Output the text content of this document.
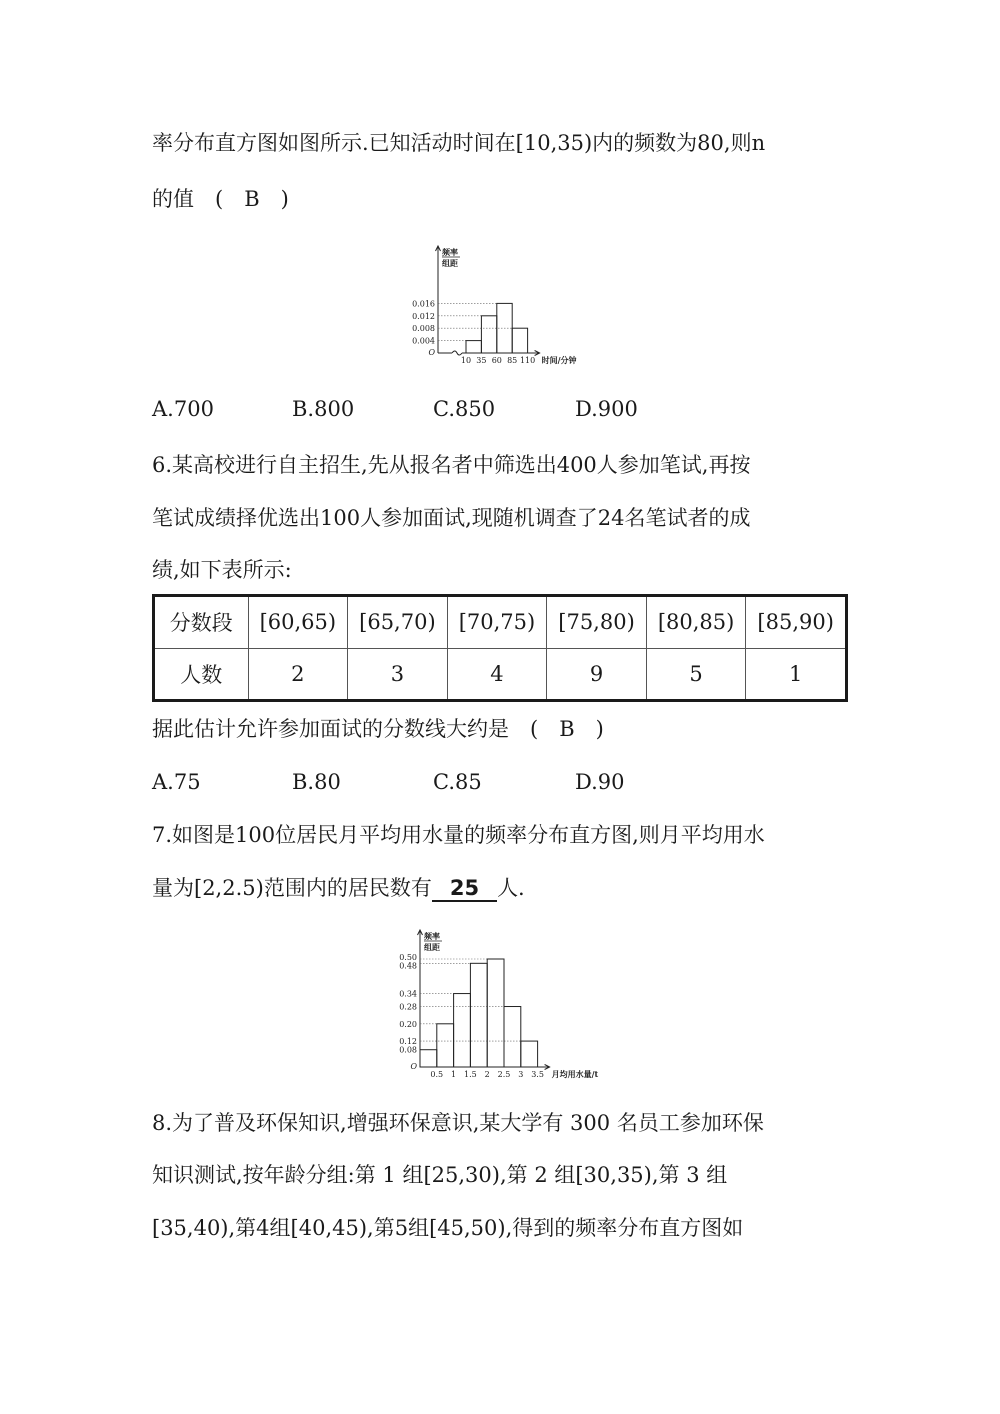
率分布直方图如图所示.已知活动时间在[10,35)内的频数为80,则n
的值　(　B　)
频率
组距
O
0.004
0.008
0.012
0.016
10 35 60 85 110 时间/分钟
A.700	B.800	C.850	D.900
6.某高校进行自主招生,先从报名者中筛选出400人参加笔试,再按
笔试成绩择优选出100人参加面试,现随机调查了24名笔试者的成
绩,如下表所示:
分数段	[60,65)	[65,70)	[70,75)	[75,80)	[80,85)	[85,90)
人数	2	3	4	9	5	1
据此估计允许参加面试的分数线大约是　(　B　)
A.75	B.80	C.85	D.90
7.如图是100位居民月平均用水量的频率分布直方图,则月平均用水
量为[2,2.5)范围内的居民数有 25 人.
频率
组距
O
0.08
0.12
0.20
0.28
0.34
0.48
0.50
0.5 1 1.5 2 2.5 3 3.5 月均用水量/t
8.为了普及环保知识,增强环保意识,某大学有 300 名员工参加环保
知识测试,按年龄分组:第 1 组[25,30),第 2 组[30,35),第 3 组
[35,40),第4组[40,45),第5组[45,50),得到的频率分布直方图如
